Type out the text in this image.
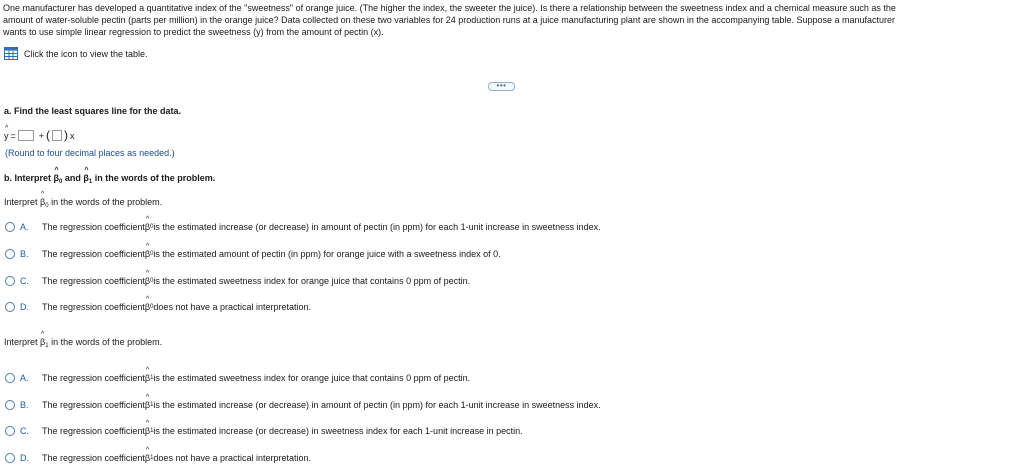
One manufacturer has developed a quantitative index of the "sweetness" of orange juice. (The higher the index, the sweeter the juice). Is there a relationship between the sweetness index and a chemical measure such as the
amount of water-soluble pectin (parts per million) in the orange juice? Data collected on these two variables for 24 production runs at a juice manufacturing plant are shown in the accompanying table. Suppose a manufacturer
wants to use simple linear regression to predict the sweetness (y) from the amount of pectin (x).
Click the icon to view the table.
•••
a. Find the least squares line for the data.
^ y =	+ ( ) x
(Round to four decimal places as needed.)
b. Interpret ^ $\beta_0$ and ^ $\beta_1$ in the words of the problem.
Interpret ^ $\beta_0$ in the words of the problem.
A.	The regression coefficient ^ β 0 is the estimated increase (or decrease) in amount of pectin (in ppm) for each 1-unit increase in sweetness index.
B.	The regression coefficient ^ β 0 is the estimated amount of pectin (in ppm) for orange juice with a sweetness index of 0.
C.	The regression coefficient ^ β 0 is the estimated sweetness index for orange juice that contains 0 ppm of pectin.
D.	The regression coefficient ^ β 0 does not have a practical interpretation.
Interpret ^ $\beta_1$ in the words of the problem.
A.	The regression coefficient ^ β 1 is the estimated sweetness index for orange juice that contains 0 ppm of pectin.
B.	The regression coefficient ^ β 1 is the estimated increase (or decrease) in amount of pectin (in ppm) for each 1-unit increase in sweetness index.
C.	The regression coefficient ^ β 1 is the estimated increase (or decrease) in sweetness index for each 1-unit increase in pectin.
D.	The regression coefficient ^ β 1 does not have a practical interpretation.
